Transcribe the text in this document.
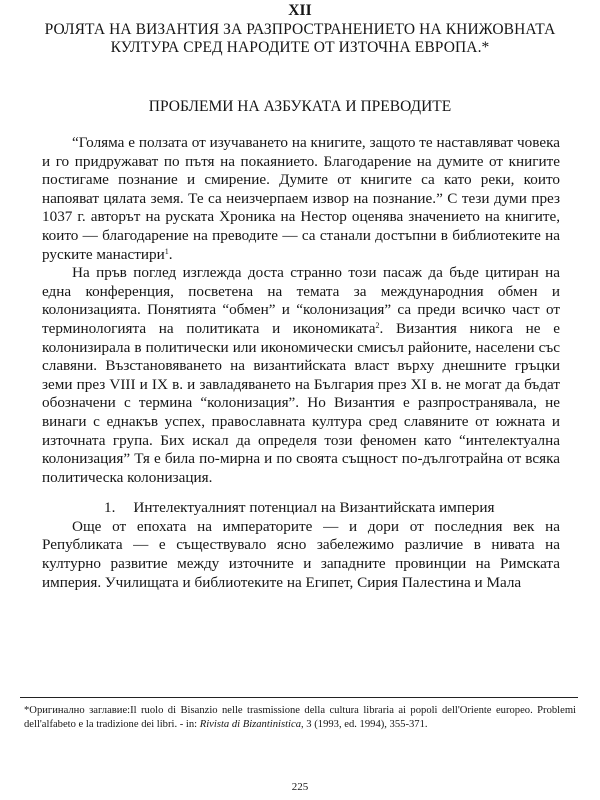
XII
РОЛЯТА НА ВИЗАНТИЯ ЗА РАЗПРОСТРАНЕНИЕТО НА КНИЖОВНАТА КУЛТУРА СРЕД НАРОДИТЕ ОТ ИЗТОЧНА ЕВРОПА.*
ПРОБЛЕМИ НА АЗБУКАТА И ПРЕВОДИТЕ

“Голяма е ползата от изучаването на книгите, защото те наставляват човека и го придружават по пътя на покаянието. Благодарение на думите от книгите постигаме познание и смирение. Думите от книгите са като реки, които напояват цялата земя. Те са неизчерпаем извор на познание.” С тези думи през 1037 г. авторът на руската Хроника на Нестор оценява значението на книгите, които — благодарение на преводите — са станали достъпни в библиотеките на руските манастири$^1$.

На пръв поглед изглежда доста странно този пасаж да бъде цитиран на една конференция, посветена на темата за международния обмен и колонизацията. Понятията “обмен” и “колонизация” са преди всичко част от терминологията на политиката и икономиката$^2$. Византия никога не е колонизирала в политически или икономически смисъл районите, населени със славяни. Възстановяването на византийската власт върху днешните гръцки земи през VIII и IX в. и завладяването на България през XI в. не могат да бъдат обозначени с термина “колонизация”. Но Византия е разпространявала, не винаги с еднакъв успех, православната култура сред славяните от южната и източната група. Бих искал да определя този феномен като “интелектуална колонизация” Тя е била по-мирна и по своята същност по-дълготрайна от всяка политическа колонизация.

1. Интелектуалният потенциал на Византийската империя

Още от епохата на императорите — и дори от последния век на Републиката — е съществувало ясно забележимо различие в нивата на културно развитие между източните и западните провинции на Римската империя. Училищата и библиотеките на Египет, Сирия Палестина и Мала

*Оригинално заглавие:Il ruolo di Bisanzio nelle trasmissione della cultura libraria ai popoli dell'Oriente europeo. Problemi dell'alfabeto e la tradizione dei libri. - in: Rivista di Bizantinistica, 3 (1993, ed. 1994), 355-371.
225
